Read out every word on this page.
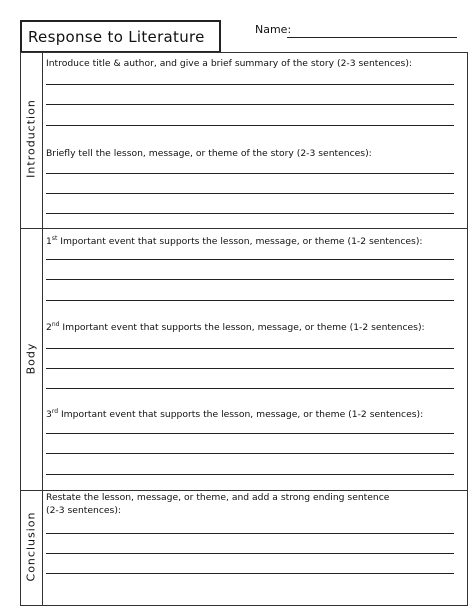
Response to Literature	Name:
Introduction
Body
Conclusion
Introduce title & author, and give a brief summary of the story (2-3 sentences):
Briefly tell the lesson, message, or theme of the story (2-3 sentences):
1st Important event that supports the lesson, message, or theme (1-2 sentences):
2nd Important event that supports the lesson, message, or theme (1-2 sentences):
3rd Important event that supports the lesson, message, or theme (1-2 sentences):
Restate the lesson, message, or theme, and add a strong ending sentence
(2-3 sentences):
